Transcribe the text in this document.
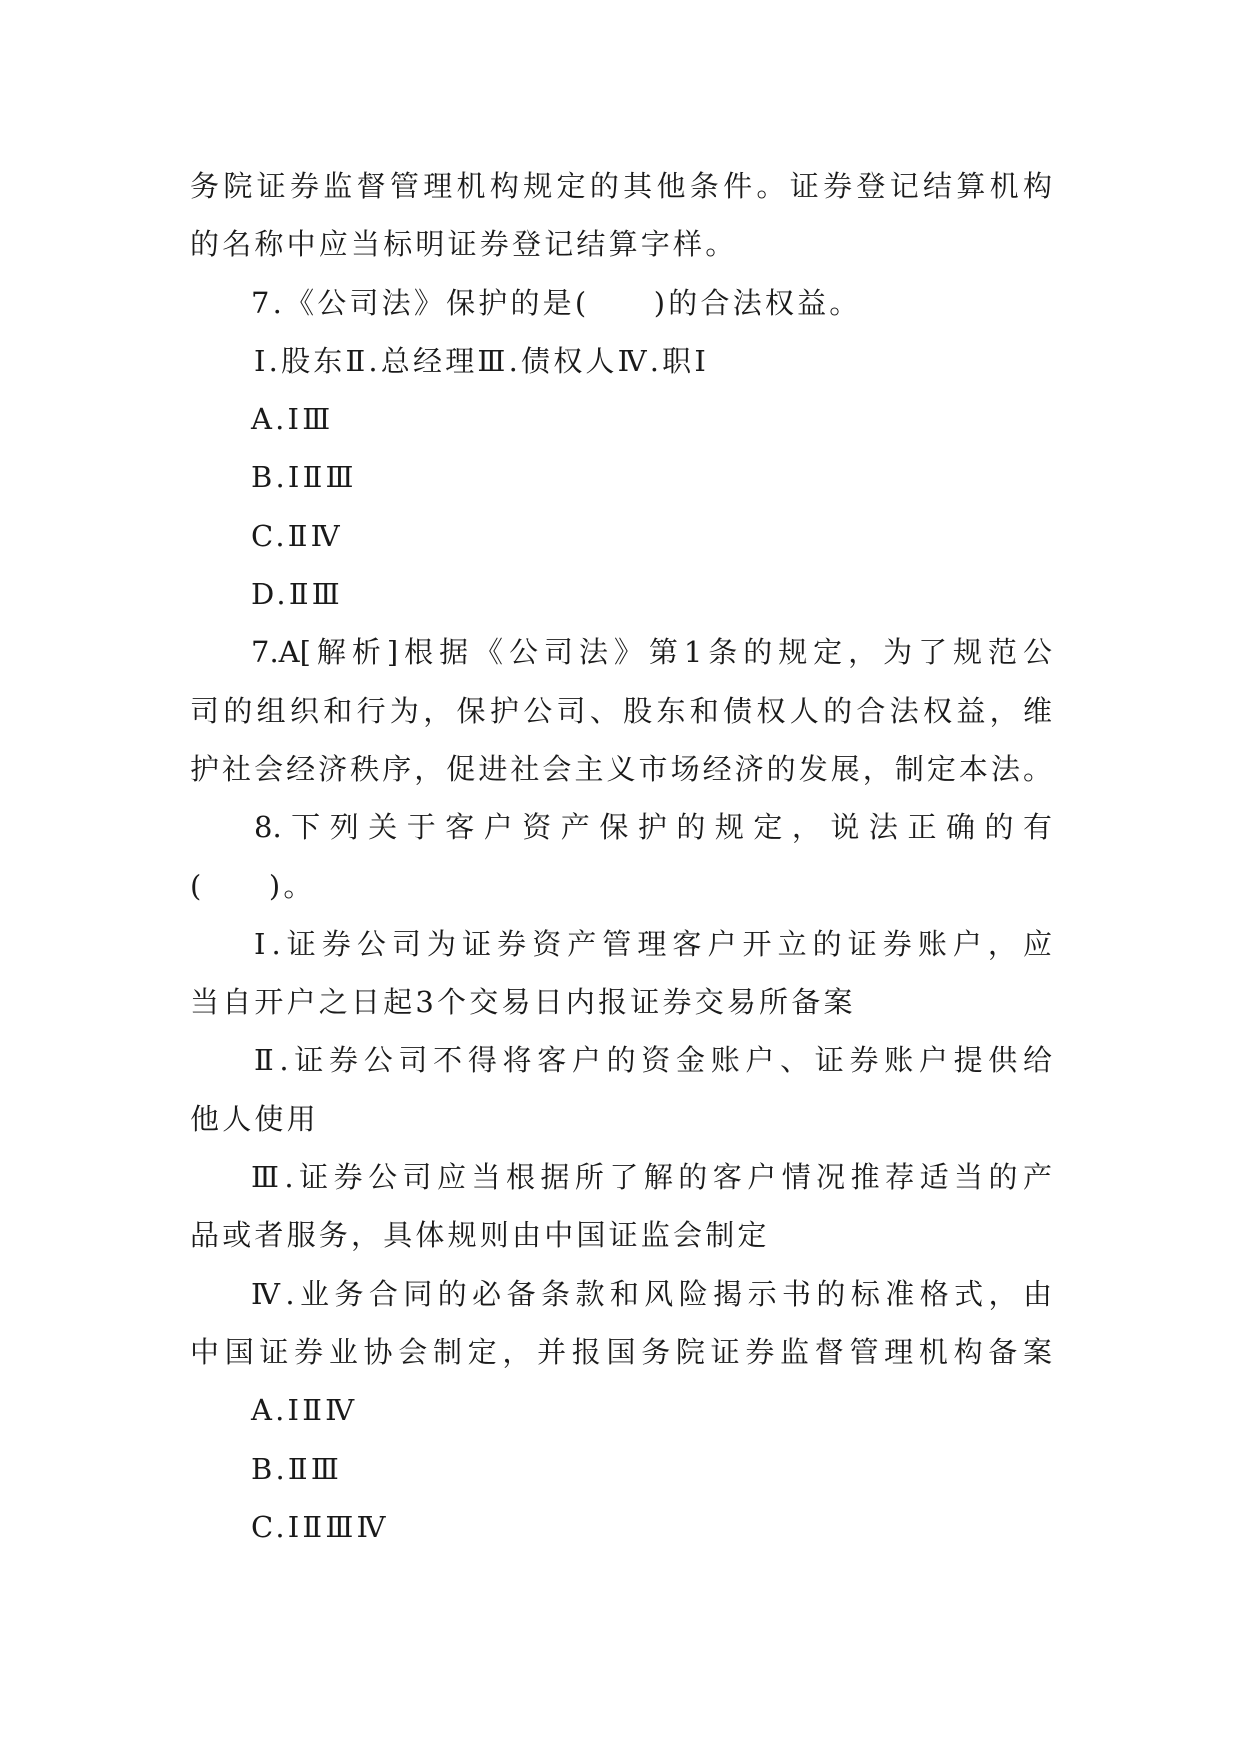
务院证券监督管理机构规定的其他条件。证券登记结算机构
的名称中应当标明证券登记结算字样。
7.《公司法》保护的是(　　)的合法权益。
Ⅰ.股东Ⅱ.总经理Ⅲ.债权人Ⅳ.职Ⅰ
A.ⅠⅢ
B.ⅠⅡⅢ
C.ⅡⅣ
D.ⅡⅢ
7.A[解析]根据《公司法》第1条的规定，为了规范公
司的组织和行为，保护公司、股东和债权人的合法权益，维
护社会经济秩序，促进社会主义市场经济的发展，制定本法。
8.下列关于客户资产保护的规定，说法正确的有
(　　)。
Ⅰ.证券公司为证券资产管理客户开立的证券账户，应
当自开户之日起3个交易日内报证券交易所备案
Ⅱ.证券公司不得将客户的资金账户、证券账户提供给
他人使用
Ⅲ.证券公司应当根据所了解的客户情况推荐适当的产
品或者服务，具体规则由中国证监会制定
Ⅳ.业务合同的必备条款和风险揭示书的标准格式，由
中国证券业协会制定，并报国务院证券监督管理机构备案
A.ⅠⅡⅣ
B.ⅡⅢ
C.ⅠⅡⅢⅣ
